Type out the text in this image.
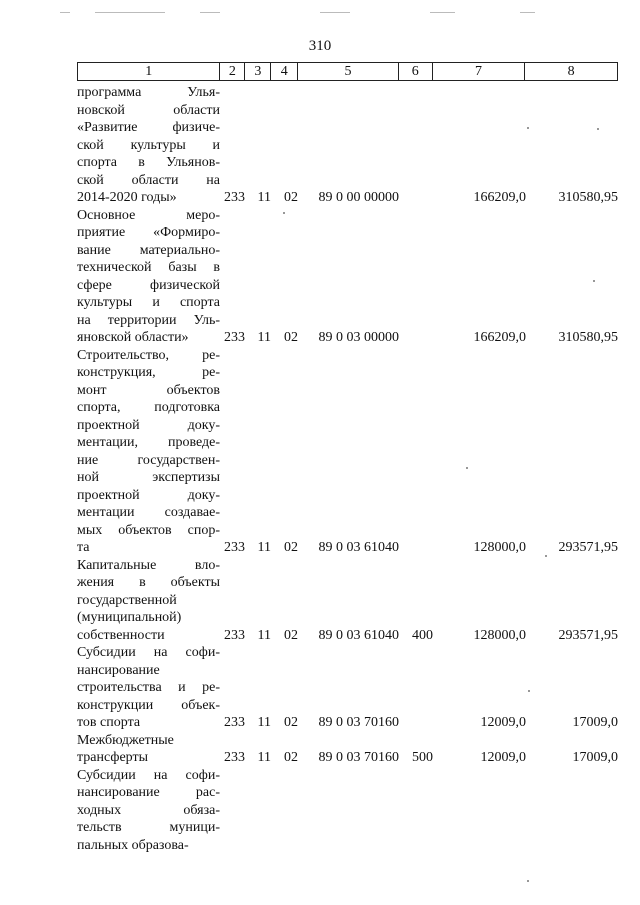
310
1	2	3	4	5	6	7	8
программа Улья-
новской области
«Развитие физиче-
ской культуры и
спорта в Ульянов-
ской области на
2014-2020 годы»	233 11 02	89 0 00 00000	166209,0	310580,95
Основное меро-
приятие «Формиро-
вание материально-
технической базы в
сфере физической
культуры и спорта
на территории Уль-
яновской области»	233 11 02	89 0 03 00000	166209,0	310580,95
Строительство, ре-
конструкция, ре-
монт объектов
спорта, подготовка
проектной доку-
ментации, проведе-
ние государствен-
ной экспертизы
проектной доку-
ментации создавае-
мых объектов спор-
та	233 11 02	89 0 03 61040	128000,0	293571,95
Капитальные вло-
жения в объекты
государственной
(муниципальной)
собственности	233 11 02	89 0 03 61040 400	128000,0	293571,95
Субсидии на софи-
нансирование
строительства и ре-
конструкции объек-
тов спорта	233 11 02	89 0 03 70160	12009,0	17009,0
Межбюджетные
трансферты	233 11 02	89 0 03 70160 500	12009,0	17009,0
Субсидии на софи-
нансирование рас-
ходных обяза-
тельств муници-
пальных образова-
